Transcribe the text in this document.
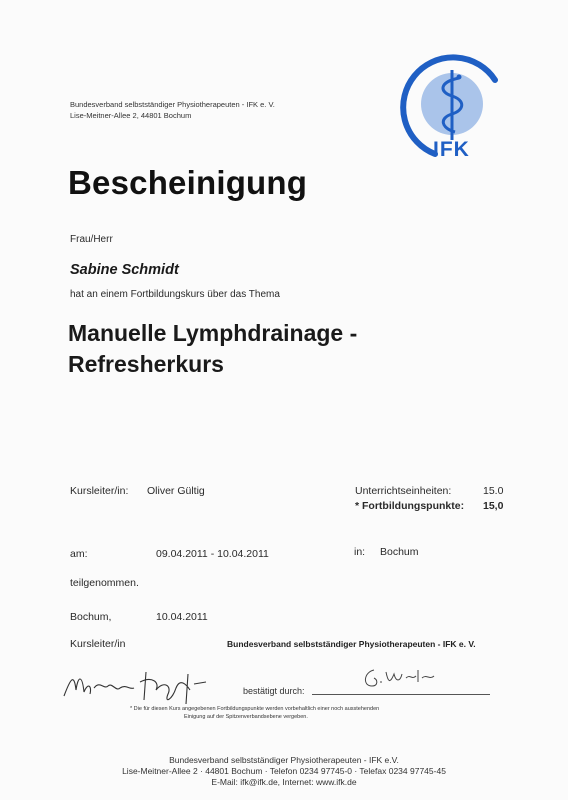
Bundesverband selbstständiger Physiotherapeuten - IFK e. V.
Lise-Meitner-Allee 2, 44801 Bochum
IFK
Bescheinigung
Frau/Herr
Sabine Schmidt
hat an einem Fortbildungskurs über das Thema
Manuelle Lymphdrainage -
Refresherkurs
Kursleiter/in: Oliver Gültig	Unterrichtseinheiten:	15.0
* Fortbildungspunkte: 15,0
am:	09.04.2011 - 10.04.2011	in: Bochum
teilgenommen.
Bochum,	10.04.2011
Kursleiter/in	Bundesverband selbstständiger Physiotherapeuten - IFK e. V.
bestätigt durch:
* Die für diesen Kurs angegebenen Fortbildungspunkte werden vorbehaltlich einer noch ausstehenden
Einigung auf der Spitzenverbandsebene vergeben.
Bundesverband selbstständiger Physiotherapeuten - IFK e.V.
Lise-Meitner-Allee 2 · 44801 Bochum · Telefon 0234 97745-0 · Telefax 0234 97745-45
E-Mail: ifk@ifk.de, Internet: www.ifk.de
